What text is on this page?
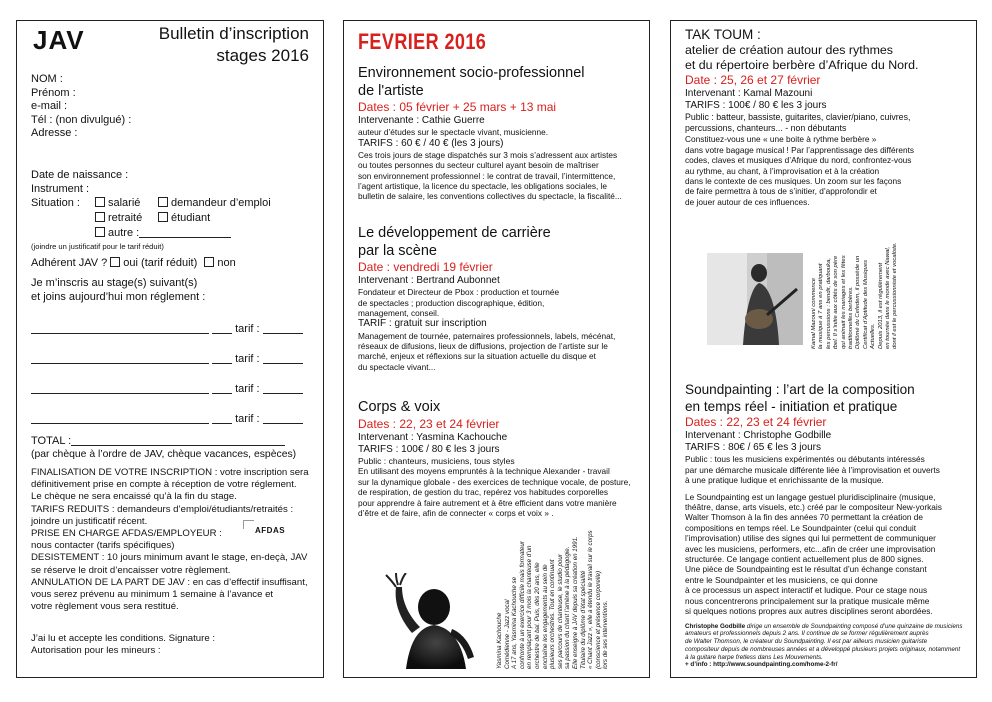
JAV	Bulletin d’inscription
stages 2016
NOM :
Prénom :
e-mail :
Tél : (non divulgué) :
Adresse :
Date de naissance :
Instrument :
Situation :	salarié	demandeur d’emploi
retraité	étudiant
autre :
(joindre un justificatif pour le tarif réduit)
Adhérent JAV ? oui (tarif réduit) non
Je m’inscris au stage(s) suivant(s)
et joins aujourd’hui mon réglement :
tarif :
tarif :
tarif :
tarif :
TOTAL :
(par chèque à l’ordre de JAV, chèque vacances, espèces)
FINALISATION DE VOTRE INSCRIPTION : votre inscription sera
définitivement prise en compte à réception de votre réglement.
Le chèque ne sera encaissé qu’à la fin du stage.
TARIFS REDUITS : demandeurs d’emploi/étudiants/retraités :
joindre un justificatif récent.
PRISE EN CHARGE AFDAS/EMPLOYEUR :
nous contacter (tarifs spécifiques)
DESISTEMENT : 10 jours minimum avant le stage, en-deçà, JAV
se réserve le droit d’encaisser votre règlement.
ANNULATION DE LA PART DE JAV : en cas d’effectif insuffisant,
vous serez prévenu au minimum 1 semaine à l’avance et
votre règlement vous sera restitué.
AFDAS
J’ai lu et accepte les conditions. Signature :
Autorisation pour les mineurs :
FEVRIER 2016
Environnement socio-professionnel
de l'artiste
Dates : 05 février + 25 mars + 13 mai
Intervenante : Cathie Guerre
auteur d’études sur le spectacle vivant, musicienne.
TARIFS : 60 € / 40 € (les 3 jours)
Ces trois jours de stage dispatchés sur 3 mois s’adressent aux artistes
ou toutes personnes du secteur culturel ayant besoin de maîtriser
son environnement professionnel : le contrat de travail, l’intermittence,
l’agent artistique, la licence du spectacle, les obligations sociales, le
bulletin de salaire, les conventions collectives du spectacle, la fiscalité...
Le développement de carrière
par la scène
Date : vendredi 19 février
Intervenant : Bertrand Aubonnet
Fondateur et Directeur de Pbox : production et tournée
de spectacles ; production discographique, édition,
management, conseil.
TARIF : gratuit sur inscription
Management de tournée, paternaires professionnels, labels, mécénat,
réseaux de difusions, lieux de diffusions, projection de l’artiste sur le
marché, enjeux et réflexions sur la situation actuelle du disque et
du spectacle vivant...
Corps & voix
Dates : 22, 23 et 24 février
Intervenant : Yasmina Kachouche
TARIFS : 100€ / 80 € les 3 jours
Public : chanteurs, musiciens, tous styles
En utilisant des moyens empruntés à la technique Alexander - travail
sur la dynamique globale - des exercices de technique vocale, de posture,
de respiration, de gestion du trac, repérez vos habitudes corporelles
pour apprendre à faire autrement et à être efficient dans votre manière
d’être et de faire, afin de connecter « corps et voix » .
Yasmina Kachouche Comédienne - Jazz vocal A 17 ans, Yasmina Kachouche se confronte à un exercice difficile mais formateur en remplaçant pour 3 mois la chanteuse d’un orchestre de bal. Puis, dès 20 ans, elle enchaîne les engagements au sein de plusieurs orchestres. Tout en continuant ses parcours de chanteuse, le studio pour sa passion du chant l’amène à la pédagogie. Elle enseigne à JAV depuis sa création en 1991. Titulaire du diplôme d’état spécialité « Chant Jazz », elle a étendu le travail sur le corps (conscience et présence corporelle) lors de ses interventions.
TAK TOUM :
atelier de création autour des rythmes
et du répertoire berbère d’Afrique du Nord.
Date : 25, 26 et 27 février
Intervenant : Kamal Mazouni
TARIFS : 100€ / 80 € les 3 jours
Public : batteur, bassiste, guitarites, clavier/piano, cuivres,
percussions, chanteurs... - non débutants
Constituez-vous une « une boite à rythme berbère »
dans votre bagage musical ! Par l’apprentissage des différents
codes, claves et musiques d’Afrique du nord, confrontez-vous
au rythme, au chant, à l’improvisation et à la création
dans le contexte de ces musiques. Un zoom sur les façons
de faire permettra à tous de s’initier, d’approfondir et
de jouer autour de ces influences.
Kamal Mazouni commence la musique à 7 ans en pratiquant les percussions : bendir, darbouka, tbel. Il s’initie aux côtés de son père qui animait les mariages et les fêtes traditionnelles berbères. Diplômé du Cefedem, il possède un Certificat d’Aptitude des Musiques Actuelles. Depuis 2013, il est régulièrement en tournée dans le monde avec Nawal, dont il est le percussionniste et vocaliste.
Soundpainting : l’art de la composition
en temps réel - initiation et pratique
Dates : 22, 23 et 24 février
Intervenant : Christophe Godbille
TARIFS : 80€ / 65 € les 3 jours
Public : tous les musiciens expérimentés ou débutants intéressés
par une démarche musicale différente liée à l’improvisation et ouverts
à une pratique ludique et enrichissante de la musique.
Le Soundpainting est un langage gestuel pluridisciplinaire (musique,
théâtre, danse, arts visuels, etc.) créé par le compositeur New-yorkais
Walter Thomson à la fin des années 70 permettant la création de
compositions en temps réel. Le Soundpainter (celui qui conduit
l’improvisation) utilise des signes qui lui permettent de communiquer
avec les musiciens, performers, etc...afin de créer une improvisation
structurée. Ce langage contient actuellement plus de 800 signes.
Une pièce de Soundpainting est le résultat d’un échange constant
entre le Soundpainter et les musiciens, ce qui donne
à ce processus un aspect interactif et ludique. Pour ce stage nous
nous concentrerons principalement sur la pratique musicale même
si quelques notions propres aux autres disciplines seront abordées.
Christophe Godbille dirige un ensemble de Soundpainting composé d’une quinzaine de musiciens
amateurs et professionnels depuis 2 ans. Il continue de se former régulièrement auprès
de Walter Thomson, le créateur du Soundpainting. Il est par ailleurs musicien guitariste
compositeur depuis de nombreuses années et a développé plusieurs projets originaux, notamment
à la guitare harpe fretless dans Les Mouvements.
+ d’info : http://www.soundpainting.com/home-2-fr/
